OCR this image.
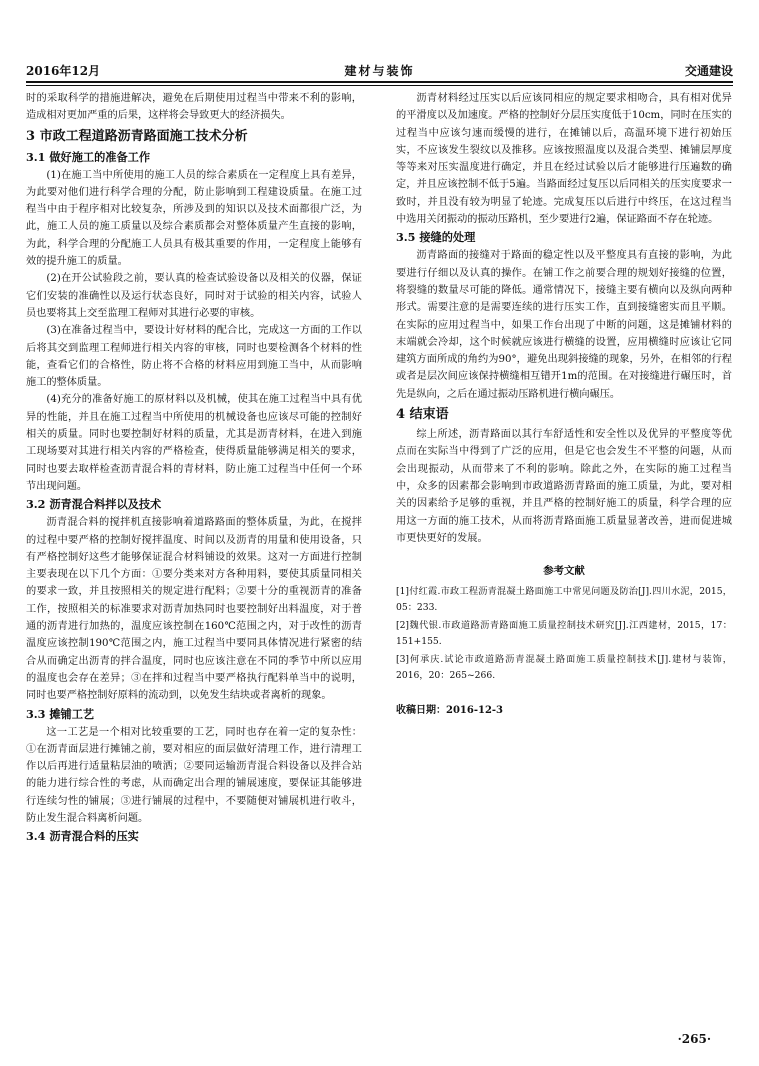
2016年12月	建材与装饰	交通建设

时的采取科学的措施进解决，避免在后期使用过程当中带来不利的影响，造成相对更加严重的后果，这样将会导致更大的经济损失。

3 市政工程道路沥青路面施工技术分析
3.1 做好施工的准备工作

(1)在施工当中所使用的施工人员的综合素质在一定程度上具有差异，为此要对他们进行科学合理的分配，防止影响到工程建设质量。在施工过程当中由于程序相对比较复杂，所涉及到的知识以及技术面都很广泛，为此，施工人员的施工质量以及综合素质都会对整体质量产生直接的影响，为此，科学合理的分配施工人员具有极其重要的作用，一定程度上能够有效的提升施工的质量。

(2)在开公试验段之前，要认真的检查试验设备以及相关的仪器，保证它们安装的准确性以及运行状态良好，同时对于试验的相关内容，试验人员也要将其上交至监理工程师对其进行必要的审核。

(3)在准备过程当中，要设计好材料的配合比，完成这一方面的工作以后将其交到监理工程师进行相关内容的审核，同时也要检测各个材料的性能，查看它们的合格性，防止将不合格的材料应用到施工当中，从而影响施工的整体质量。

(4)充分的准备好施工的原材料以及机械，使其在施工过程当中具有优异的性能，并且在施工过程当中所使用的机械设备也应该尽可能的控制好相关的质量。同时也要控制好材料的质量，尤其是沥青材料，在进入到施工现场要对其进行相关内容的严格检查，使得质量能够满足相关的要求，同时也要去取样检查沥青混合料的青材料，防止施工过程当中任何一个环节出现问题。

3.2 沥青混合料拌以及技术

沥青混合料的搅拌机直接影响着道路路面的整体质量，为此，在搅拌的过程中要严格的控制好搅拌温度、时间以及沥青的用量和使用设备，只有严格控制好这些才能够保证混合材料铺设的效果。这对一方面进行控制主要表现在以下几个方面：①要分类来对方各种用料，要使其质量同相关的要求一致，并且按照相关的规定进行配料；②要十分的重视沥青的准备工作，按照相关的标准要求对沥青加热同时也要控制好出料温度，对于普通的沥青进行加热的，温度应该控制在160℃范围之内，对于改性的沥青温度应该控制190℃范围之内，施工过程当中要同具体情况进行紧密的结合从而确定出沥青的拌合温度，同时也应该注意在不同的季节中所以应用的温度也会存在差异；③在拌和过程当中要严格执行配料单当中的说明，同时也要严格控制好原料的流动到，以免发生结块或者离析的现象。

3.3 摊铺工艺

这一工艺是一个相对比较重要的工艺，同时也存在着一定的复杂性：①在沥青面层进行摊铺之前，要对相应的面层做好清理工作，进行清理工作以后再进行适量粘层油的喷洒；②要同运输沥青混合料设备以及拌合站的能力进行综合性的考虑，从而确定出合理的铺展速度，要保证其能够进行连续匀性的铺展；③进行铺展的过程中，不要随便对铺展机进行收斗，防止发生混合料离析问题。

3.4 沥青混合料的压实

沥青材料经过压实以后应该同相应的规定要求相吻合，具有相对优异的平滑度以及加速度。严格的控制好分层压实度低于10cm，同时在压实的过程当中应该匀速而缓慢的进行，在摊铺以后，高温环境下进行初始压实，不应该发生裂纹以及推移。应该按照温度以及混合类型、摊铺层厚度等等来对压实温度进行确定，并且在经过试验以后才能够进行压遍数的确定，并且应该控制不低于5遍。当路面经过复压以后同相关的压实度要求一致时，并且没有较为明显了轮迹。完成复压以后进行中终压，在这过程当中选用关闭振动的振动压路机，至少要进行2遍，保证路面不存在轮迹。

3.5 接缝的处理

沥青路面的接缝对于路面的稳定性以及平整度具有直接的影响，为此要进行仔细以及认真的操作。在铺工作之前要合理的规划好接缝的位置，将裂缝的数量尽可能的降低。通常情况下，接缝主要有横向以及纵向两种形式。需要注意的是需要连续的进行压实工作，直到接缝密实而且平顺。在实际的应用过程当中，如果工作台出现了中断的问题，这是摊铺材料的末端就会冷却，这个时候就应该进行横缝的设置，应用横缝时应该让它同建筑方面所成的角约为90°，避免出现斜接缝的现象，另外，在相邻的行程或者是层次间应该保持横缝相互错开1m的范围。在对接缝进行碾压时，首先是纵向，之后在通过振动压路机进行横向碾压。

4 结束语

综上所述，沥青路面以其行车舒适性和安全性以及优异的平整度等优点而在实际当中得到了广泛的应用，但是它也会发生不平整的问题，从而会出现振动，从而带来了不利的影响。除此之外，在实际的施工过程当中，众多的因素都会影响到市政道路沥青路面的施工质量，为此，要对相关的因素给予足够的重视，并且严格的控制好施工的质量，科学合理的应用这一方面的施工技术，从而将沥青路面施工质量显著改善，进而促进城市更快更好的发展。

参考文献

[1]付红霞.市政工程沥青混凝土路面施工中常见问题及防治[J].四川水泥，2015，05：233.

[2]魏代银.市政道路沥青路面施工质量控制技术研究[J].江西建材，2015，17：151+155.

[3]何承庆.试论市政道路沥青混凝土路面施工质量控制技术[J].建材与装饰，2016，20：265~266.

收稿日期：2016-12-3

·265·
